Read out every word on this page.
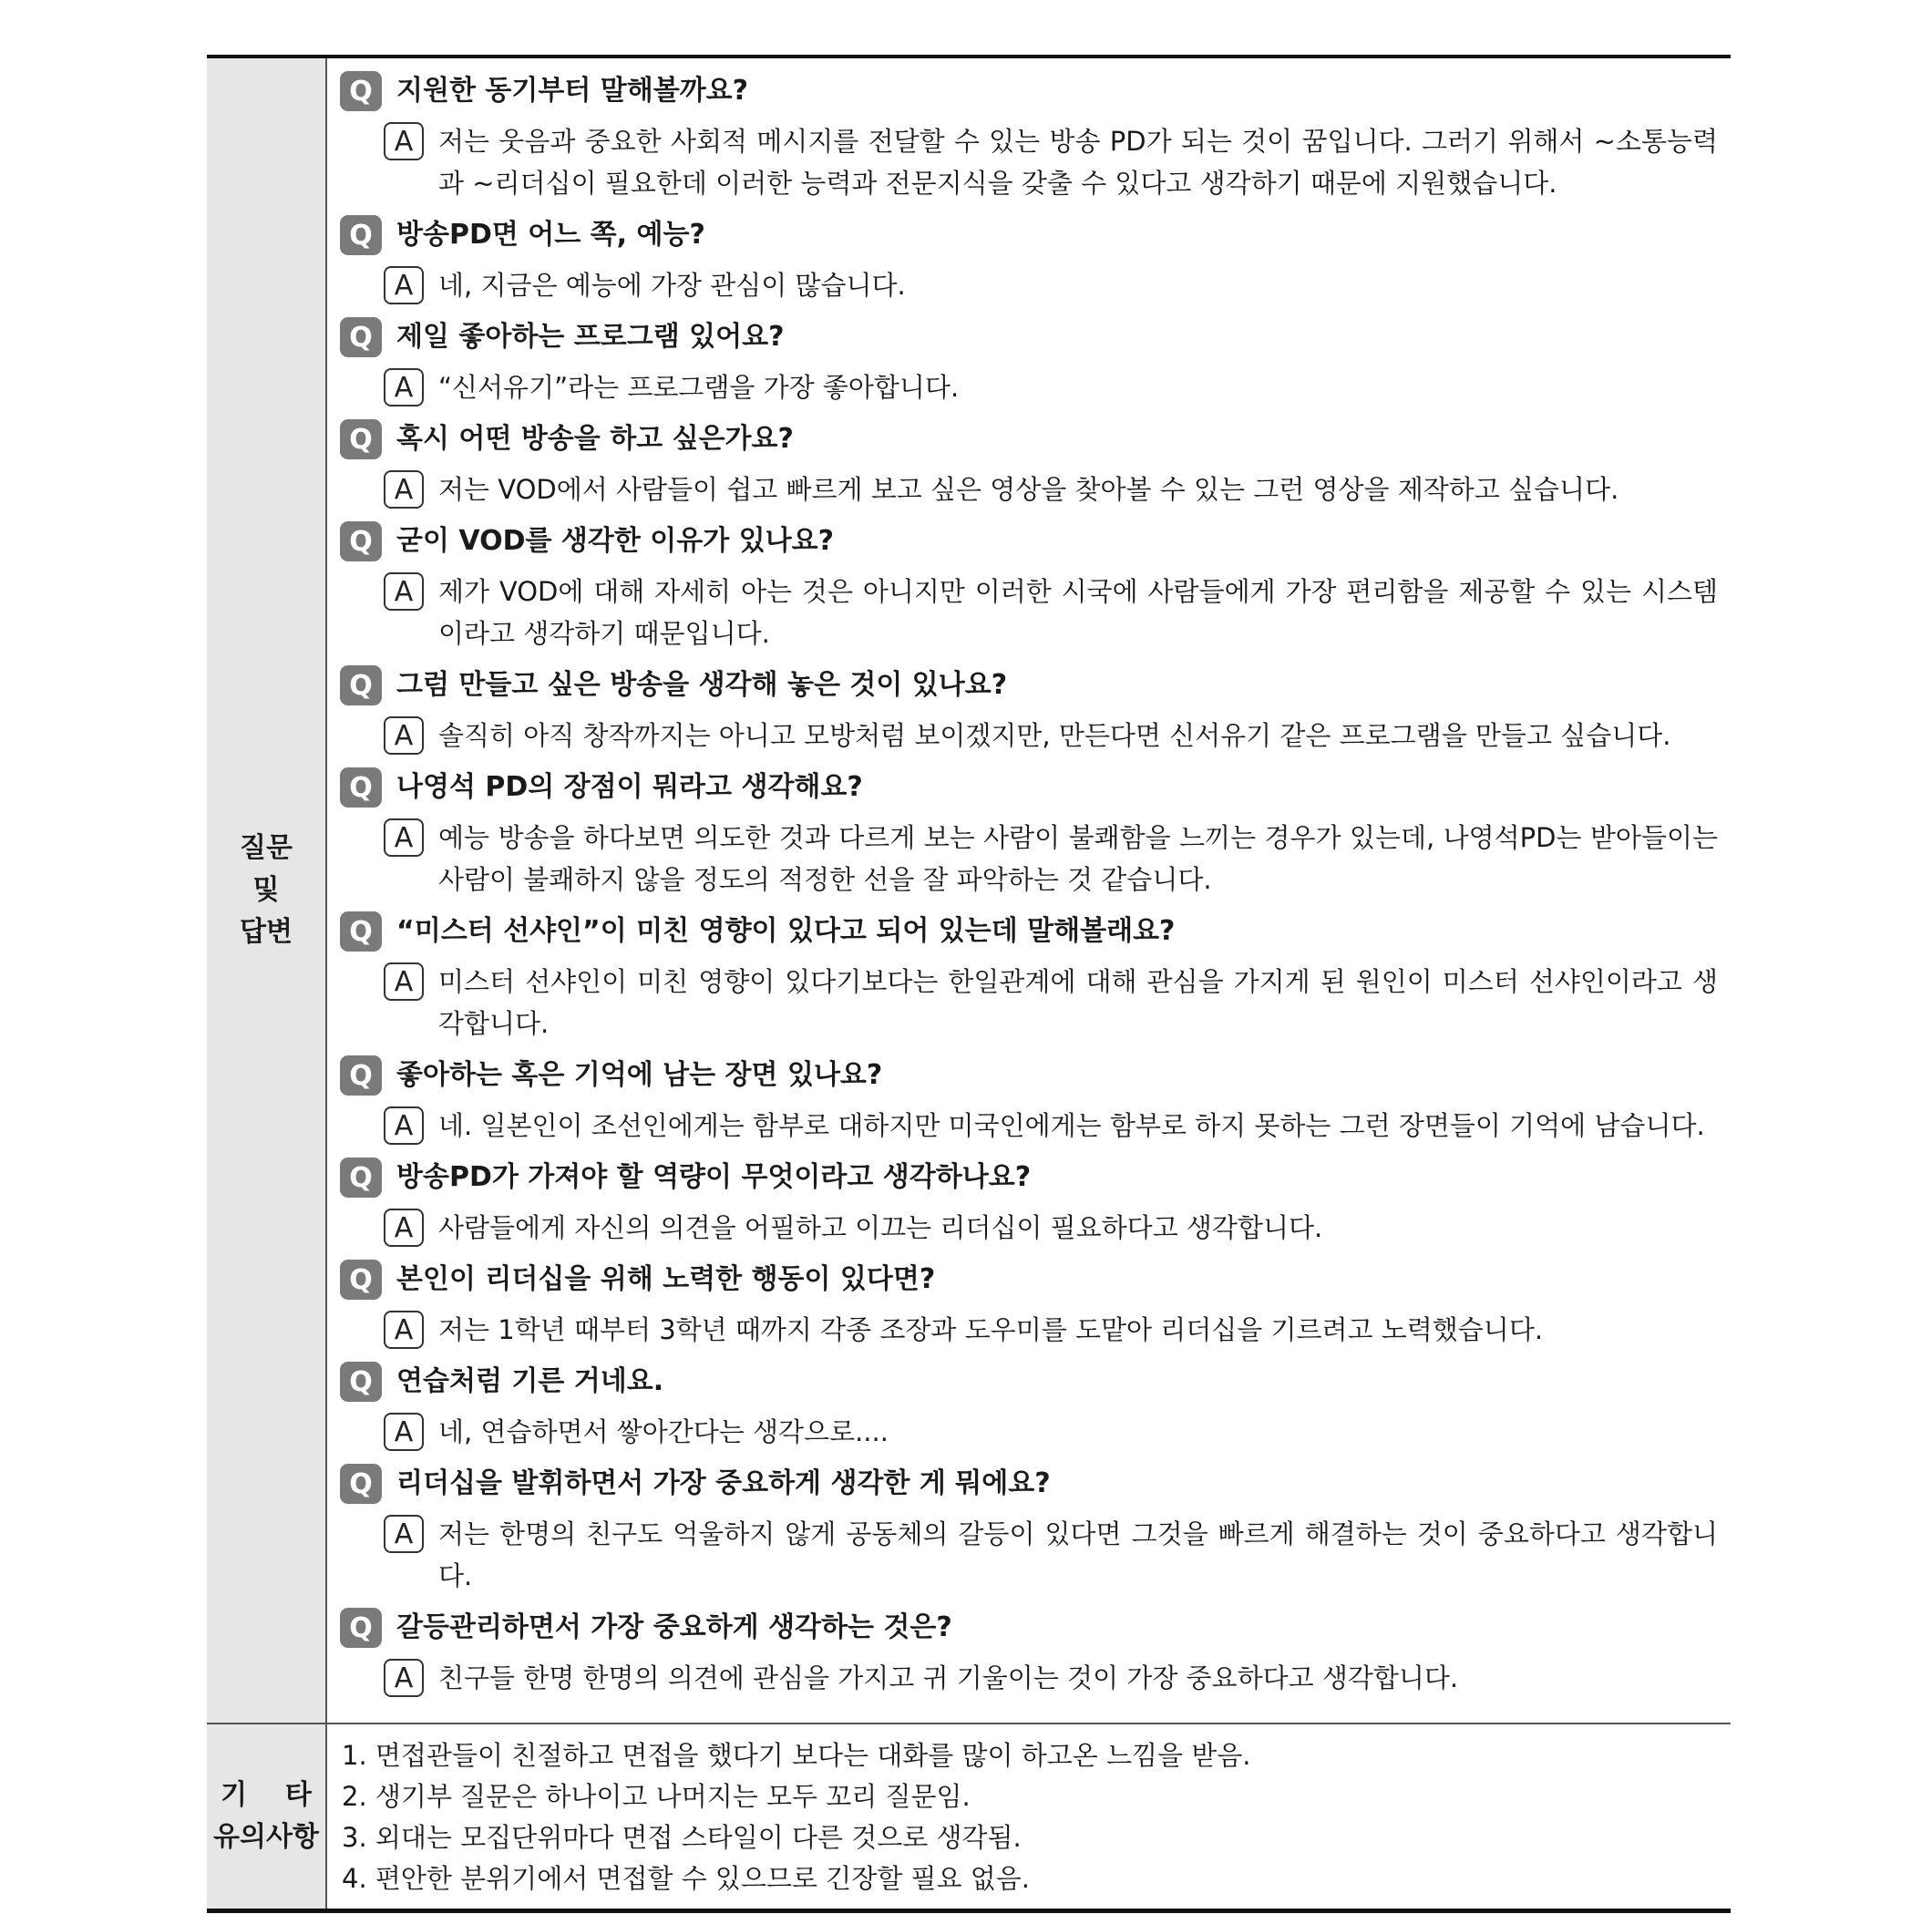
질문
및
답변
Q 지원한 동기부터 말해볼까요?
A 저는 웃음과 중요한 사회적 메시지를 전달할 수 있는 방송 PD가 되는 것이 꿈입니다. 그러기 위해서 ~소통능력과 ~리더십이 필요한데 이러한 능력과 전문지식을 갖출 수 있다고 생각하기 때문에 지원했습니다.
Q 방송PD면 어느 쪽, 예능?
A 네, 지금은 예능에 가장 관심이 많습니다.
Q 제일 좋아하는 프로그램 있어요?
A “신서유기”라는 프로그램을 가장 좋아합니다.
Q 혹시 어떤 방송을 하고 싶은가요?
A 저는 VOD에서 사람들이 쉽고 빠르게 보고 싶은 영상을 찾아볼 수 있는 그런 영상을 제작하고 싶습니다.
Q 굳이 VOD를 생각한 이유가 있나요?
A 제가 VOD에 대해 자세히 아는 것은 아니지만 이러한 시국에 사람들에게 가장 편리함을 제공할 수 있는 시스템이라고 생각하기 때문입니다.
Q 그럼 만들고 싶은 방송을 생각해 놓은 것이 있나요?
A 솔직히 아직 창작까지는 아니고 모방처럼 보이겠지만, 만든다면 신서유기 같은 프로그램을 만들고 싶습니다.
Q 나영석 PD의 장점이 뭐라고 생각해요?
A 예능 방송을 하다보면 의도한 것과 다르게 보는 사람이 불쾌함을 느끼는 경우가 있는데, 나영석PD는 받아들이는 사람이 불쾌하지 않을 정도의 적정한 선을 잘 파악하는 것 같습니다.
Q “미스터 선샤인”이 미친 영향이 있다고 되어 있는데 말해볼래요?
A 미스터 선샤인이 미친 영향이 있다기보다는 한일관계에 대해 관심을 가지게 된 원인이 미스터 선샤인이라고 생각합니다.
Q 좋아하는 혹은 기억에 남는 장면 있나요?
A 네. 일본인이 조선인에게는 함부로 대하지만 미국인에게는 함부로 하지 못하는 그런 장면들이 기억에 남습니다.
Q 방송PD가 가져야 할 역량이 무엇이라고 생각하나요?
A 사람들에게 자신의 의견을 어필하고 이끄는 리더십이 필요하다고 생각합니다.
Q 본인이 리더십을 위해 노력한 행동이 있다면?
A 저는 1학년 때부터 3학년 때까지 각종 조장과 도우미를 도맡아 리더십을 기르려고 노력했습니다.
Q 연습처럼 기른 거네요.
A 네, 연습하면서 쌓아간다는 생각으로....
Q 리더십을 발휘하면서 가장 중요하게 생각한 게 뭐에요?
A 저는 한명의 친구도 억울하지 않게 공동체의 갈등이 있다면 그것을 빠르게 해결하는 것이 중요하다고 생각합니다.
Q 갈등관리하면서 가장 중요하게 생각하는 것은?
A 친구들 한명 한명의 의견에 관심을 가지고 귀 기울이는 것이 가장 중요하다고 생각합니다.
기    타
유의사항
1. 면접관들이 친절하고 면접을 했다기 보다는 대화를 많이 하고온 느낌을 받음.
2. 생기부 질문은 하나이고 나머지는 모두 꼬리 질문임.
3. 외대는 모집단위마다 면접 스타일이 다른 것으로 생각됨.
4. 편안한 분위기에서 면접할 수 있으므로 긴장할 필요 없음.
